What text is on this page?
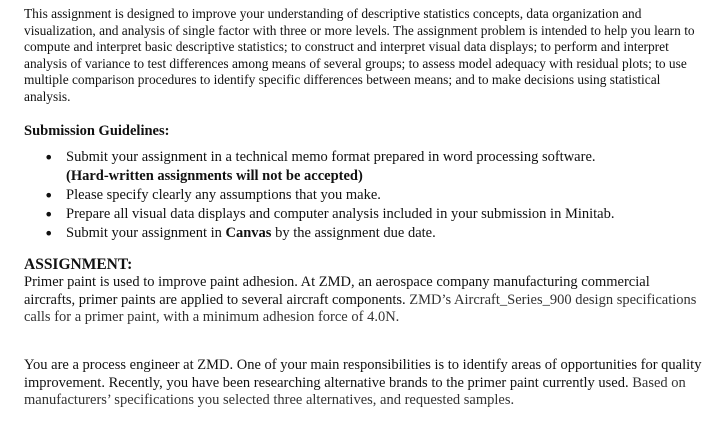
This assignment is designed to improve your understanding of descriptive statistics concepts, data organization and visualization, and analysis of single factor with three or more levels. The assignment problem is intended to help you learn to compute and interpret basic descriptive statistics; to construct and interpret visual data displays; to perform and interpret analysis of variance to test differences among means of several groups; to assess model adequacy with residual plots; to use multiple comparison procedures to identify specific differences between means; and to make decisions using statistical analysis.

Submission Guidelines:

• Submit your assignment in a technical memo format prepared in word processing software.
(Hard-written assignments will not be accepted)
• Please specify clearly any assumptions that you make.
• Prepare all visual data displays and computer analysis included in your submission in Minitab.
• Submit your assignment in Canvas by the assignment due date.

ASSIGNMENT:

Primer paint is used to improve paint adhesion. At ZMD, an aerospace company manufacturing commercial aircrafts, primer paints are applied to several aircraft components. ZMD’s Aircraft_Series_900 design specifications calls for a primer paint, with a minimum adhesion force of 4.0N.

You are a process engineer at ZMD. One of your main responsibilities is to identify areas of opportunities for quality improvement. Recently, you have been researching alternative brands to the primer paint currently used. Based on manufacturers’ specifications you selected three alternatives, and requested samples.
